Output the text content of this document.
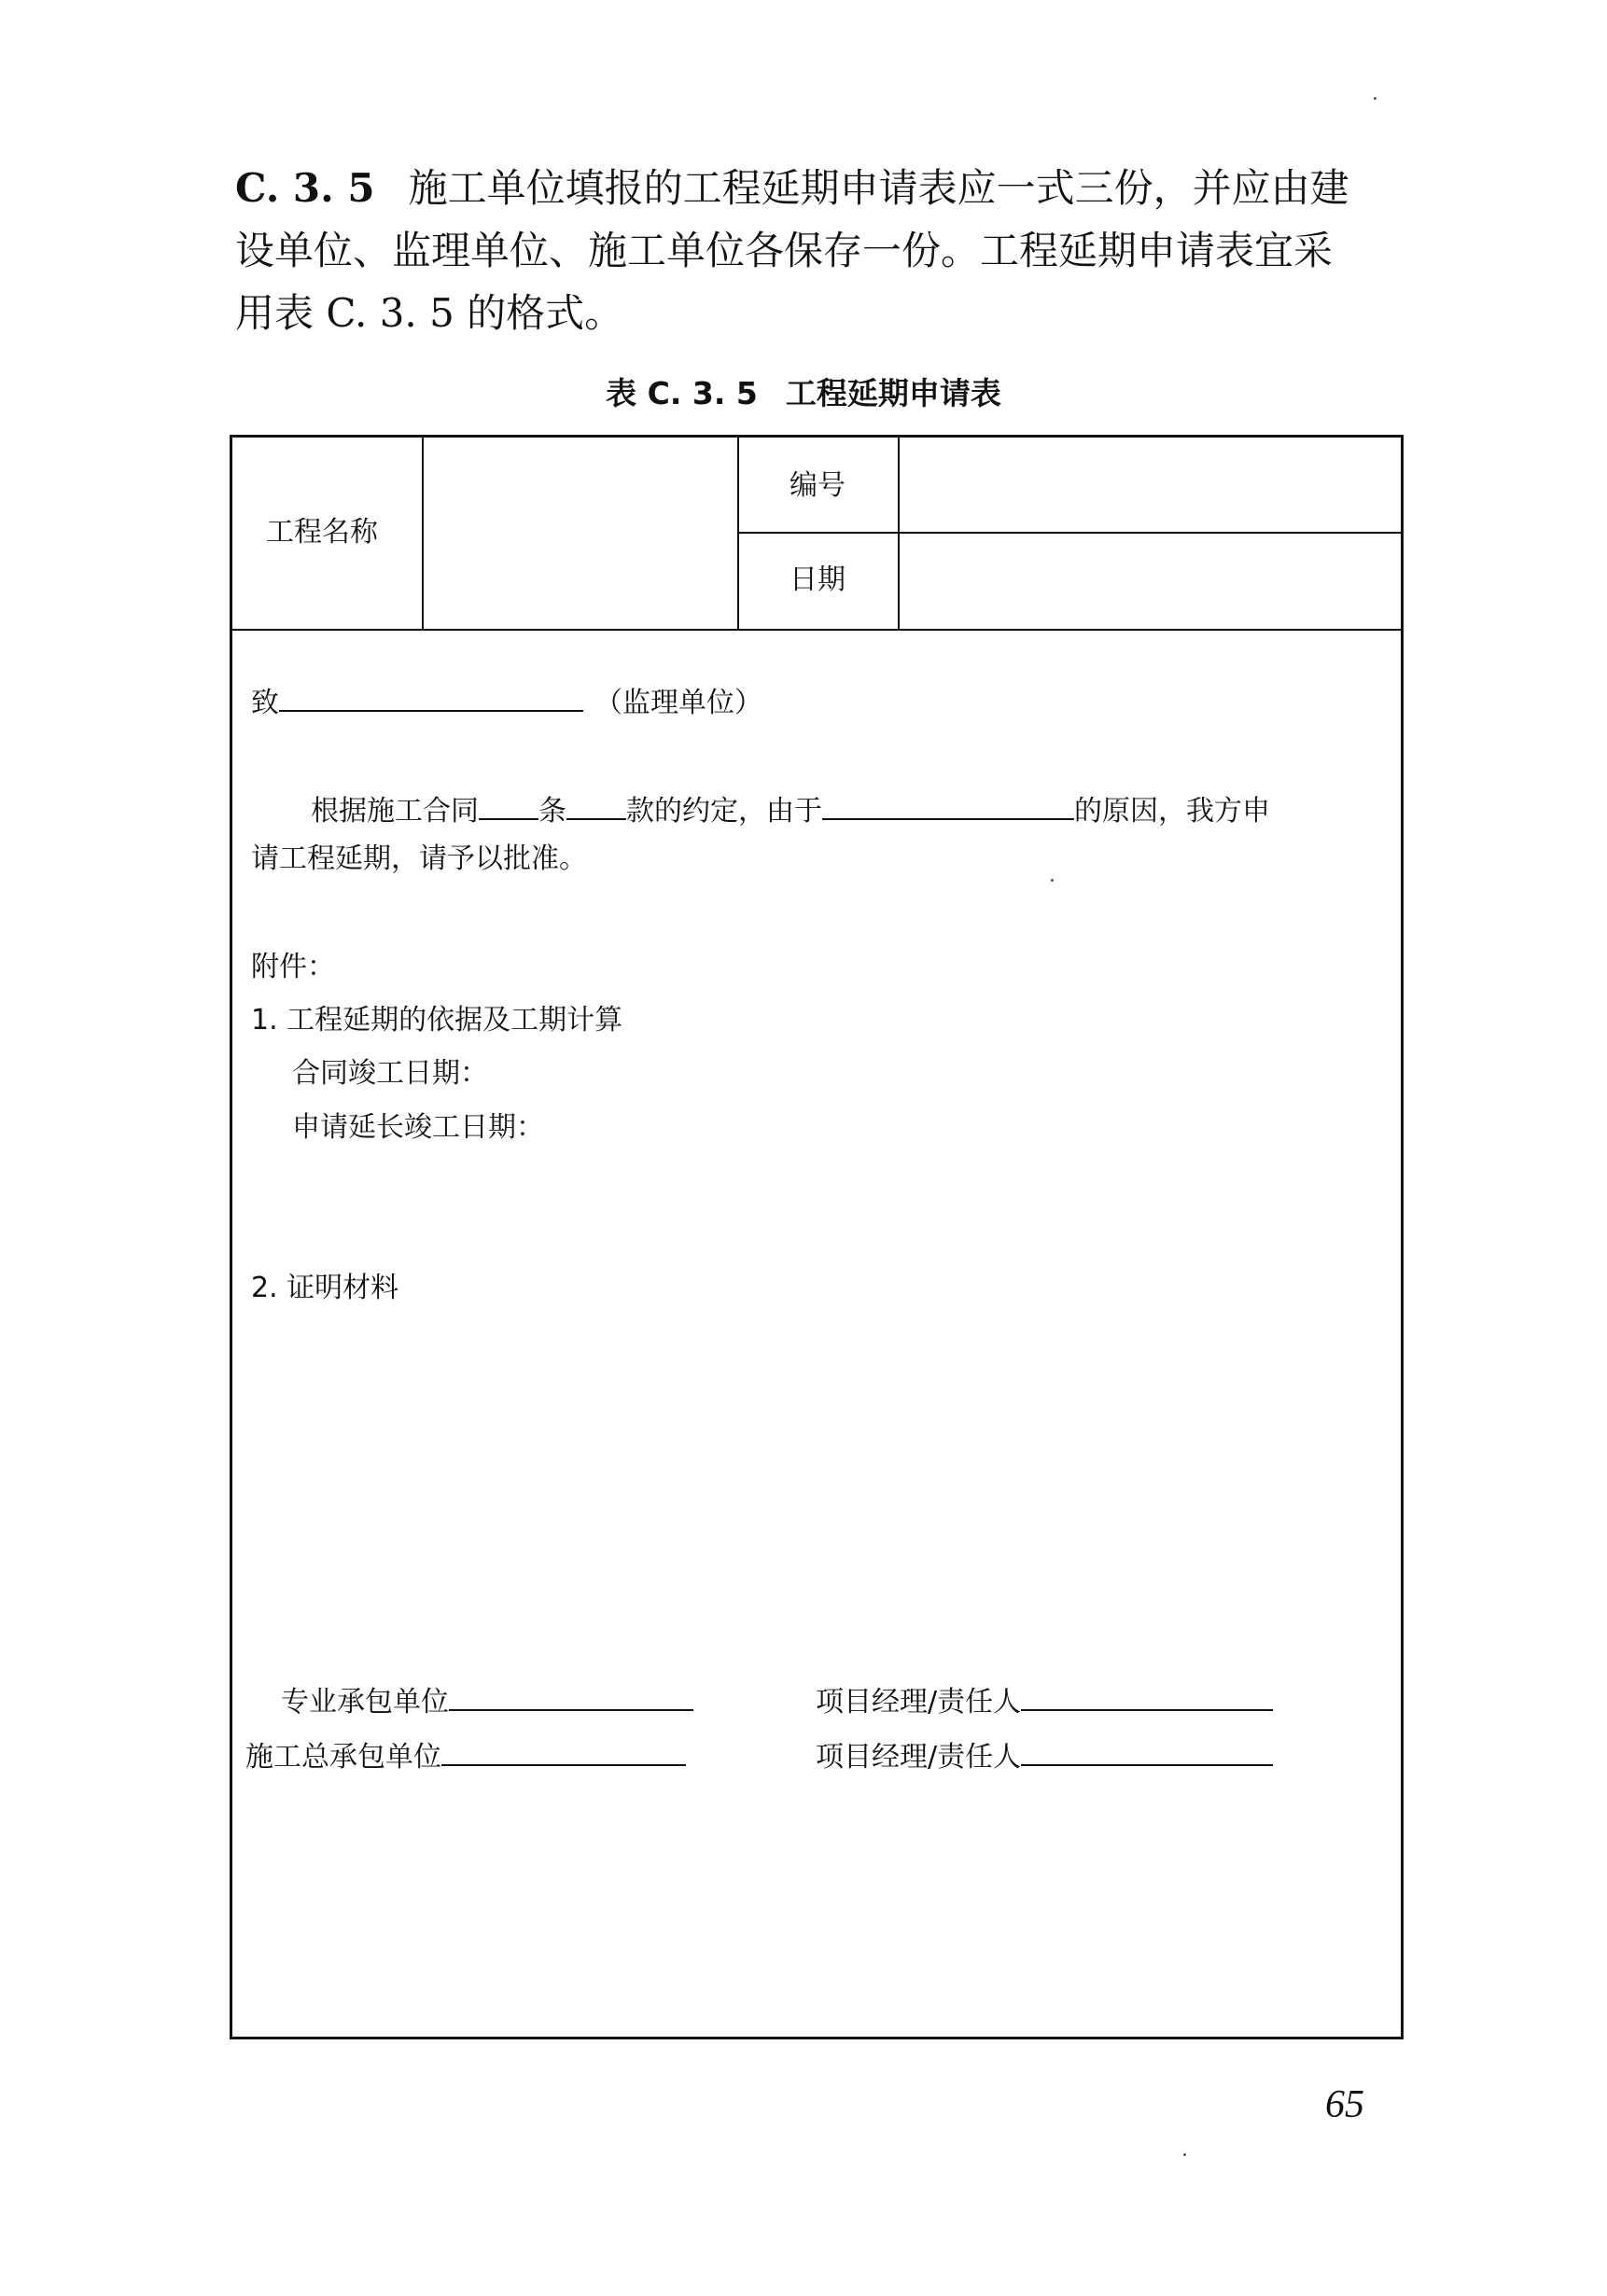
C. 3. 5 施工单位填报的工程延期申请表应一式三份，并应由建
设单位、监理单位、施工单位各保存一份。工程延期申请表宜采
用表 C. 3. 5 的格式。
表 C. 3. 5 工程延期申请表
工程名称
编号
日期
致	（监理单位）
根据施工合同 条 款的约定，由于	的原因，我方申
请工程延期，请予以批准。
附件：
1. 工程延期的依据及工期计算
合同竣工日期：
申请延长竣工日期：
2. 证明材料
专业承包单位	项目经理/责任人
施工总承包单位	项目经理/责任人
65
